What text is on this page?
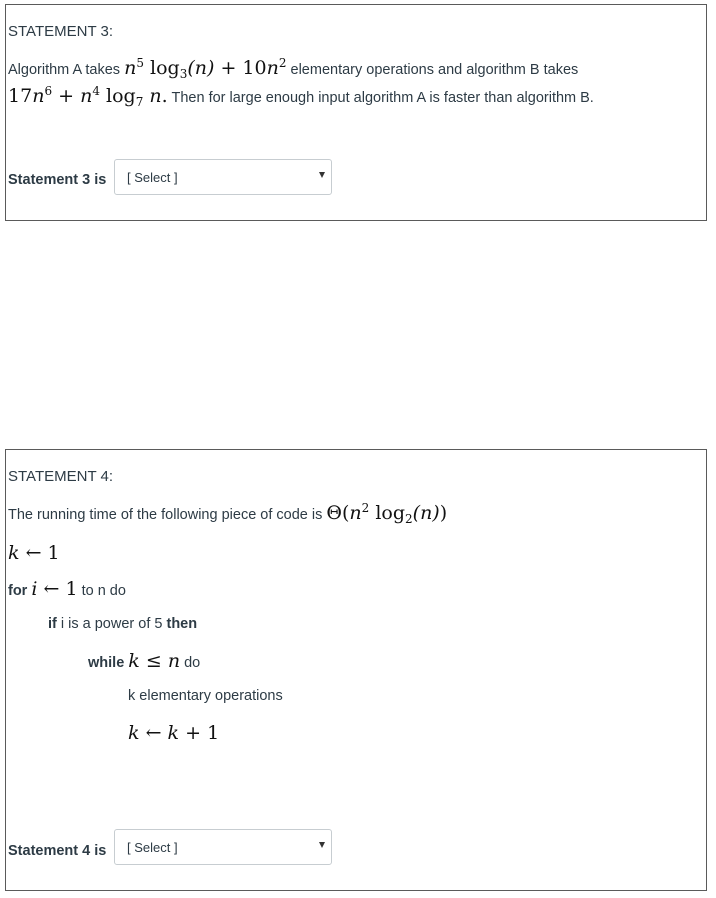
STATEMENT 3:
Algorithm A takes $n^5$ $\log_3(n) + 10n^2$ elementary operations and algorithm B takes
$17n^6 + n^4$ $\log_7 n$. Then for large enough input algorithm A is faster than algorithm B.
Statement 3 is [ Select ]
STATEMENT 4:
The running time of the following piece of code is $\Theta(n^2$ $\log_2(n)$)
k ← 1
for i ← 1 to n do
if i is a power of 5 then
while k ≤ n do
k elementary operations
k ← k + 1
Statement 4 is [ Select ]
